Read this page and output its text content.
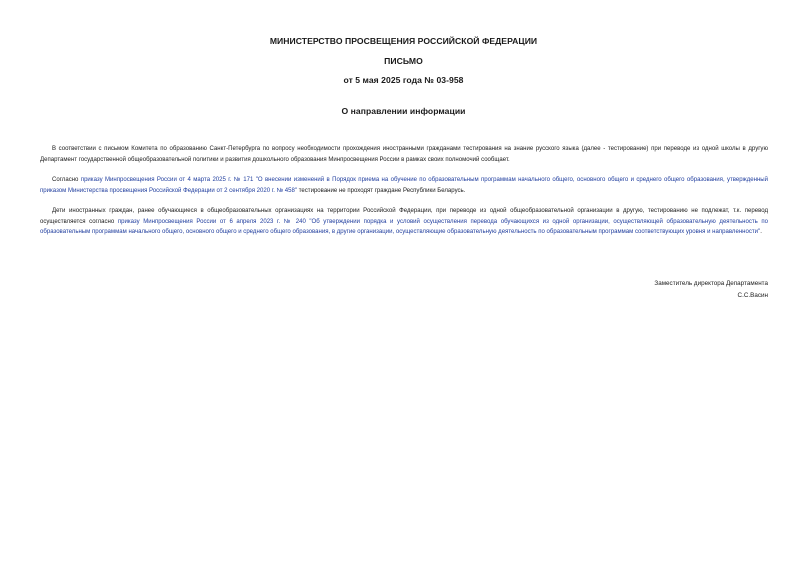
МИНИСТЕРСТВО ПРОСВЕЩЕНИЯ РОССИЙСКОЙ ФЕДЕРАЦИИ
ПИСЬМО
от 5 мая 2025 года № 03-958
О направлении информации
В соответствии с письмом Комитета по образованию Санкт-Петербурга по вопросу необходимости прохождения иностранными гражданами тестирования на знание русского языка (далее - тестирование) при переводе из одной школы в другую Департамент государственной общеобразовательной политики и развития дошкольного образования Минпросвещения России в рамках своих полномочий сообщает.
Согласно приказу Минпросвещения России от 4 марта 2025 г. № 171 "О внесении изменений в Порядок приема на обучение по образовательным программам начального общего, основного общего и среднего общего образования, утвержденный приказом Министерства просвещения Российской Федерации от 2 сентября 2020 г. № 458" тестирование не проходят граждане Республики Беларусь.
Дети иностранных граждан, ранее обучающиеся в общеобразовательных организациях на территории Российской Федерации, при переводе из одной общеобразовательной организации в другую, тестированию не подлежат, т.к. перевод осуществляется согласно приказу Минпросвещения России от 6 апреля 2023 г. № 240 "Об утверждении порядка и условий осуществления перевода обучающихся из одной организации, осуществляющей образовательную деятельность по образовательным программам начального общего, основного общего и среднего общего образования, в другие организации, осуществляющие образовательную деятельность по образовательным программам соответствующих уровня и направленности".
Заместитель директора Департамента
С.С.Васин
